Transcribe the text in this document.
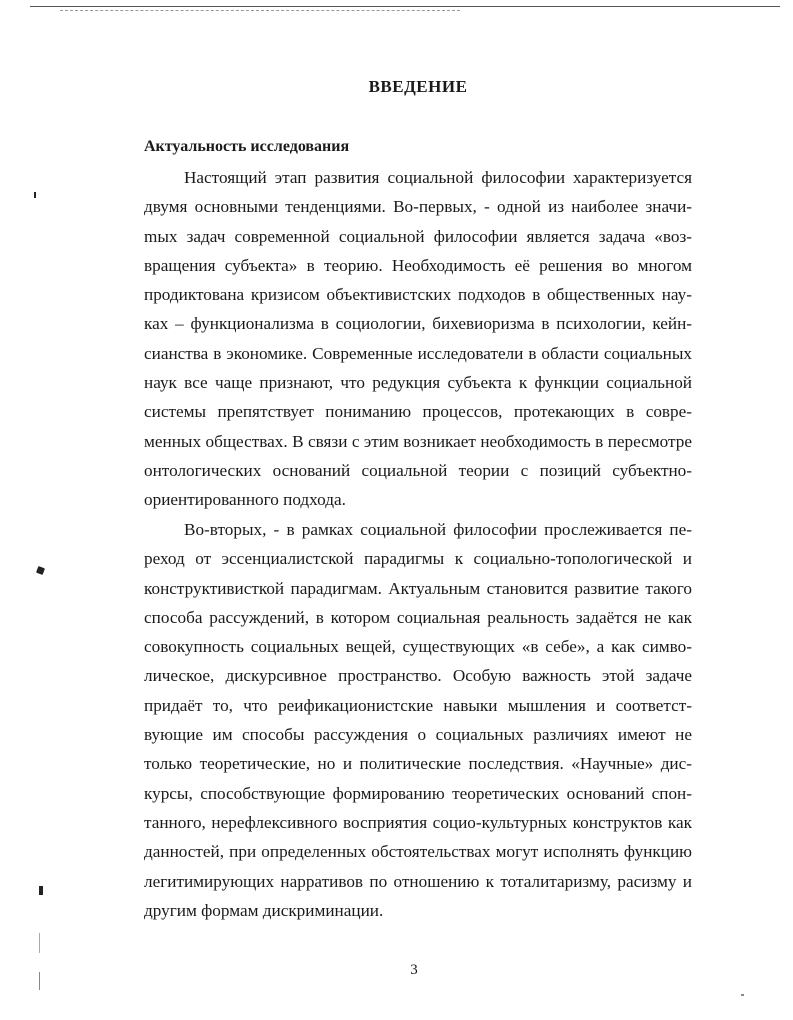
ВВЕДЕНИЕ
Актуальность исследования

Настоящий этап развития социальной философии характеризуется двумя основными тенденциями. Во-первых, - одной из наиболее значиmых задач современной социальной философии является задача «возвращения субъекта» в теорию. Необходимость её решения во многом продиктована кризисом объективистских подходов в общественных науках – функционализма в социологии, бихевиоризма в психологии, кейнсианства в экономике. Современные исследователи в области социальных наук все чаще признают, что редукция субъекта к функции социальной системы препятствует пониманию процессов, протекающих в современных обществах. В связи с этим возникает необходимость в пересмотре онтологических оснований социальной теории с позиций субъектно-ориентированного подхода.

Во-вторых, - в рамках социальной философии прослеживается переход от эссенциалистской парадигмы к социально-топологической и конструктивисткой парадигмам. Актуальным становится развитие такого способа рассуждений, в котором социальная реальность задаётся не как совокупность социальных вещей, существующих «в себе», а как символическое, дискурсивное пространство. Особую важность этой задаче придаёт то, что реификационистские навыки мышления и соответствующие им способы рассуждения о социальных различиях имеют не только теоретические, но и политические последствия. «Научные» дискурсы, способствующие формированию теоретических оснований спонтанного, нерефлексивного восприятия социо-культурных конструктов как данностей, при определенных обстоятельствах могут исполнять функцию легитимирующих нарративов по отношению к тоталитаризму, расизму и другим формам дискриминации.

3
